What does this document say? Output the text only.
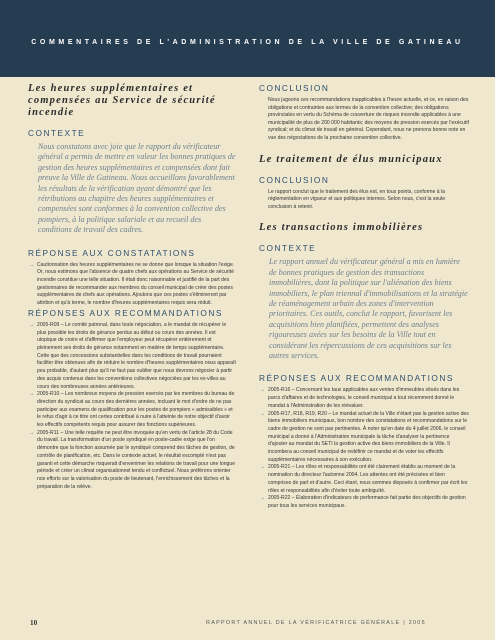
COMMENTAIRES DE L'ADMINISTRATION DE LA VILLE DE GATINEAU
Les heures supplémentaires et compensées au Service de sécurité incendie
CONTEXTE

Nous constatons avec joie que le rapport du vérificateur général a permis de mettre en valeur les bonnes pratiques de gestion des heures supplémentaires et compensées dont fait preuve la Ville de Gatineau. Nous accueillons favorablement les résultats de la vérification ayant démontré que les rétributions au chapitre des heures supplémentaires et compensées sont conformes à la convention collective des pompiers, à la politique salariale et au recueil des conditions de travail des cadres.

RÉPONSE AUX CONSTATATIONS

→ Cautionnation des heures supplémentaires ne se donne que lorsque la situation l'exige. Or, nous estimons que l'absence de quatre chefs aux opérations au Service de sécurité incendie constitue une telle situation. Il était donc raisonnable et justifié de la part des gestionnaires de recommander aux membres du conseil municipal de créer des postes supplémentaires de chefs aux opérations. Ajoutons que ces postes s'élimineront par attrition et qu'à terme, le nombre d'heures supplémentaires requis sera réduit.

RÉPONSES AUX RECOMMANDATIONS

→ 2005-R09 – Le comité patronal, dans toute négociation, a le mandat de récupérer le plus possible les droits de gérance perdus au début ou cours des années. Il est utopique de croire et d'affirmer que l'employeur peut récupérer entièrement et pleinement ses droits de gérance notamment en matière de temps supplémentaire. Cette que des concessions substantielles dans les conditions de travail pourraient faciliter être obtenues afin de réduire le nombre d'heures supplémentaires nous apparaît peu probable, d'autant plus qu'il ne faut pas oublier que nous devrons négocier à partir des acquis contenus dans les conventions collectives négociées par les ex-villes au cours des nombreuses années antérieures.

→ 2005-R10 – Les nombreux moyens de pression exercés par les membres du bureau de direction du syndicat au cours des dernières années, incluant le mot d'ordre de ne pas participer aux examens de qualification pour les postes de pompiers « admissibles » et le refus d'agir à ce titre ont certes contribué à nuire à l'atteinte de notre objectif d'avoir les effectifs compétents requis pour assurer des fonctions supérieures.

→ 2005-R11 – Une telle requête ne peut être invoquée qu'en vertu de l'article 28 du Code du travail. La transformation d'un poste syndiqué en poste-cadre exige que l'on démontre que la fonction assumée par le syndiqué comprend des tâches de gestion, de contrôle de planification, etc. Dans le contexte actuel, le résultat escompté n'est pas garanti et cette démarche risquerait d'envenimer les relations de travail pour une longue période et créer un climat organisationnel tendu et conflictuel. Nous préférons orienter nos efforts sur la valorisation du poste de lieutenant, l'enrichissement des tâches et la préparation de la relève.

CONCLUSION

Nous jugeons ces recommandations inapplicables à l'heure actuelle, et ce, en raison des obligations et contraintes aux termes de la convention collective; des obligations provinciales en vertu du Schéma de couverture de risques incendie applicables à une municipalité de plus de 200 000 habitants; des moyens de pression exercés par l'exécutif syndical; et du climat de travail en général. Cependant, nous ne prenons bonne note en vue des négociations de la prochaine convention collective.

Le traitement de élus municipaux
CONCLUSION

Le rapport conclut que le traitement des élus est, en tous points, conforme à la réglementation en vigueur et aux politiques internes. Selon nous, c'est la seule conclusion à retenir.

Les transactions immobilières
CONTEXTE

Le rapport annuel du vérificateur général a mis en lumière de bonnes pratiques de gestion des transactions immobilières, dont la politique sur l'aliénation des biens immobiliers, le plan triennal d'immobilisations et la stratégie de réaménagement urbain des zones d'intervention prioritaires. Ces outils, conclut le rapport, favorisent les acquisitions bien planifiées, permettent des analyses rigoureuses axées sur les besoins de la Ville tout en considérant les répercussions de ces acquisitions sur les autres services.

RÉPONSES AUX RECOMMANDATIONS

→ 2005-R16 – Concernant les taux applicables aux ventes d'immeubles situés dans les parcs d'affaires et de technologies, le conseil municipal a tout récemment donné le mandat à l'Administration de les réévaluer.

→ 2005-R17, R18, R19, R20 – Le mandat actuel de la Ville n'étant pas la gestion active des biens immobiliers municipaux, bon nombre des constatations et recommandations sur le cadre de gestion ne sont pas pertinentes. À noter qu'en date du 4 juillet 2006, le conseil municipal a donné à l'Administration municipale la tâche d'analyser la pertinence d'ajouter au mandat du SETI la gestion active des biens immobiliers de la Ville. Il incombera au conseil municipal de redéfinir ce mandat et de voter les effectifs supplémentaires nécessaires à son exécution.

→ 2005-R21 – Les rôles et responsabilités ont été clairement établis au moment de la nomination du directeur l'automne 2004. Les attentes ont été précisées et bien comprises de part et d'autre. Ceci étant, nous sommes disposés à confirmer par écrit les rôles et responsabilités afin d'éviter toute ambiguïté.

→ 2005-R22 – Élaboration d'indicateurs de performance fait partie des objectifs de gestion pour tous les services municipaux.

10	RAPPORT ANNUEL DE LA VÉRIFICATRICE GÉNÉRALE | 2005
